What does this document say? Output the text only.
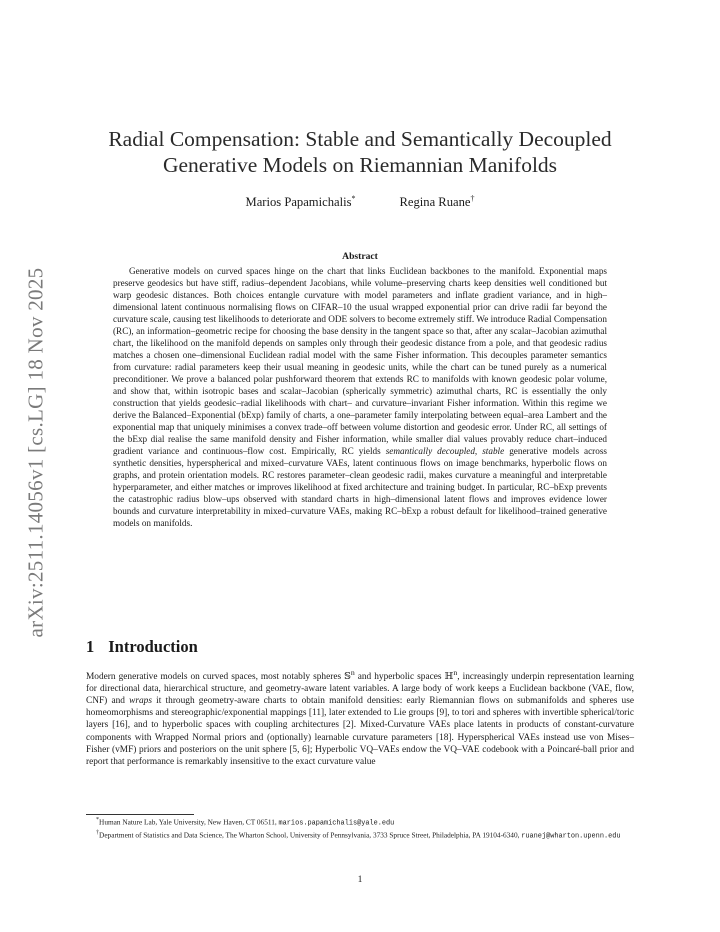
arXiv:2511.14056v1 [cs.LG] 18 Nov 2025
Radial Compensation: Stable and Semantically Decoupled Generative Models on Riemannian Manifolds
Marios Papamichalis*	Regina Ruane†
Abstract

Generative models on curved spaces hinge on the chart that links Euclidean backbones to the manifold. Exponential maps preserve geodesics but have stiff, radius–dependent Jacobians, while volume–preserving charts keep densities well conditioned but warp geodesic distances. Both choices entangle curvature with model parameters and inflate gradient variance, and in high–dimensional latent continuous normalising flows on CIFAR–10 the usual wrapped exponential prior can drive radii far beyond the curvature scale, causing test likelihoods to deteriorate and ODE solvers to become extremely stiff. We introduce Radial Compensation (RC), an information–geometric recipe for choosing the base density in the tangent space so that, after any scalar–Jacobian azimuthal chart, the likelihood on the manifold depends on samples only through their geodesic distance from a pole, and that geodesic radius matches a chosen one–dimensional Euclidean radial model with the same Fisher information. This decouples parameter semantics from curvature: radial parameters keep their usual meaning in geodesic units, while the chart can be tuned purely as a numerical preconditioner. We prove a balanced polar pushforward theorem that extends RC to manifolds with known geodesic polar volume, and show that, within isotropic bases and scalar–Jacobian (spherically symmetric) azimuthal charts, RC is essentially the only construction that yields geodesic–radial likelihoods with chart– and curvature–invariant Fisher information. Within this regime we derive the Balanced–Exponential (bExp) family of charts, a one–parameter family interpolating between equal–area Lambert and the exponential map that uniquely minimises a convex trade–off between volume distortion and geodesic error. Under RC, all settings of the bExp dial realise the same manifold density and Fisher information, while smaller dial values provably reduce chart–induced gradient variance and continuous–flow cost. Empirically, RC yields semantically decoupled, stable generative models across synthetic densities, hyperspherical and mixed–curvature VAEs, latent continuous flows on image benchmarks, hyperbolic flows on graphs, and protein orientation models. RC restores parameter–clean geodesic radii, makes curvature a meaningful and interpretable hyperparameter, and either matches or improves likelihood at fixed architecture and training budget. In particular, RC–bExp prevents the catastrophic radius blow–ups observed with standard charts in high–dimensional latent flows and improves evidence lower bounds and curvature interpretability in mixed–curvature VAEs, making RC–bExp a robust default for likelihood–trained generative models on manifolds.

1 Introduction

Modern generative models on curved spaces, most notably spheres 𝕊$^n$ and hyperbolic spaces ℍ$^n$, increasingly underpin representation learning for directional data, hierarchical structure, and geometry-aware latent variables. A large body of work keeps a Euclidean backbone (VAE, flow, CNF) and wraps it through geometry-aware charts to obtain manifold densities: early Riemannian flows on submanifolds and spheres use homeomorphisms and stereographic/exponential mappings [11], later extended to Lie groups [9], to tori and spheres with invertible spherical/toric layers [16], and to hyperbolic spaces with coupling architectures [2]. Mixed-Curvature VAEs place latents in products of constant-curvature components with Wrapped Normal priors and (optionally) learnable curvature parameters [18]. Hyperspherical VAEs instead use von Mises–Fisher (vMF) priors and posteriors on the unit sphere [5, 6]; Hyperbolic VQ–VAEs endow the VQ–VAE codebook with a Poincaré-ball prior and report that performance is remarkably insensitive to the exact curvature value

*Human Nature Lab, Yale University, New Haven, CT 06511, marios.papamichalis@yale.edu

†Department of Statistics and Data Science, The Wharton School, University of Pennsylvania, 3733 Spruce Street, Philadelphia, PA 19104-6340, ruanej@wharton.upenn.edu

1
